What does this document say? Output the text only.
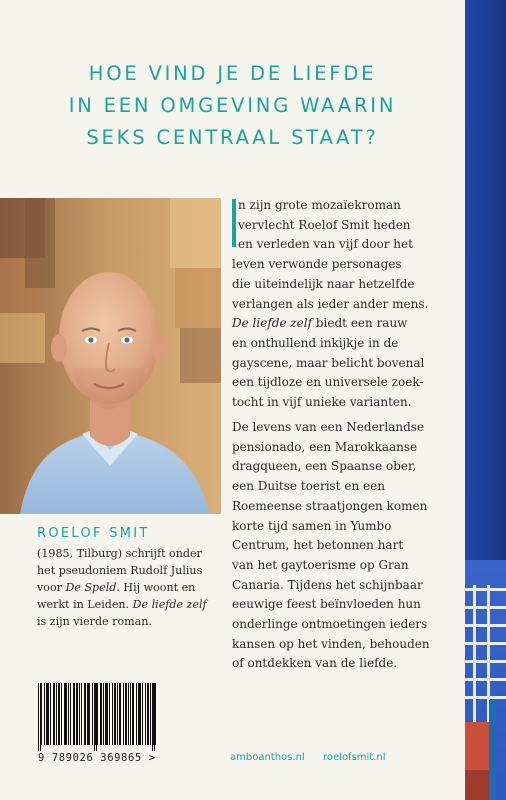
HOE VIND JE DE LIEFDE
IN EEN OMGEVING WAARIN
SEKS CENTRAAL STAAT?
ROELOF SMIT
(1985, Tilburg) schrijft onder
het pseudoniem Rudolf Julius
voor De Speld. Hij woont en
werkt in Leiden. De liefde zelf
is zijn vierde roman.
n zijn grote mozaïekroman
vervlecht Roelof Smit heden
en verleden van vijf door het
leven verwonde personages
die uiteindelijk naar hetzelfde
verlangen als ieder ander mens.
De liefde zelf biedt een rauw
en onthullend inkijkje in de
gayscene, maar belicht bovenal
een tijdloze en universele zoek-
tocht in vijf unieke varianten.
De levens van een Nederlandse
pensionado, een Marokkaanse
dragqueen, een Spaanse ober,
een Duitse toerist en een
Roemeense straatjongen komen
korte tijd samen in Yumbo
Centrum, het betonnen hart
van het gaytoerisme op Gran
Canaria. Tijdens het schijnbaar
eeuwige feest beïnvloeden hun
onderlinge ontmoetingen ieders
kansen op het vinden, behouden
of ontdekken van de liefde.
9 789026 369865 >	amboanthos.nl roelofsmit.nl
